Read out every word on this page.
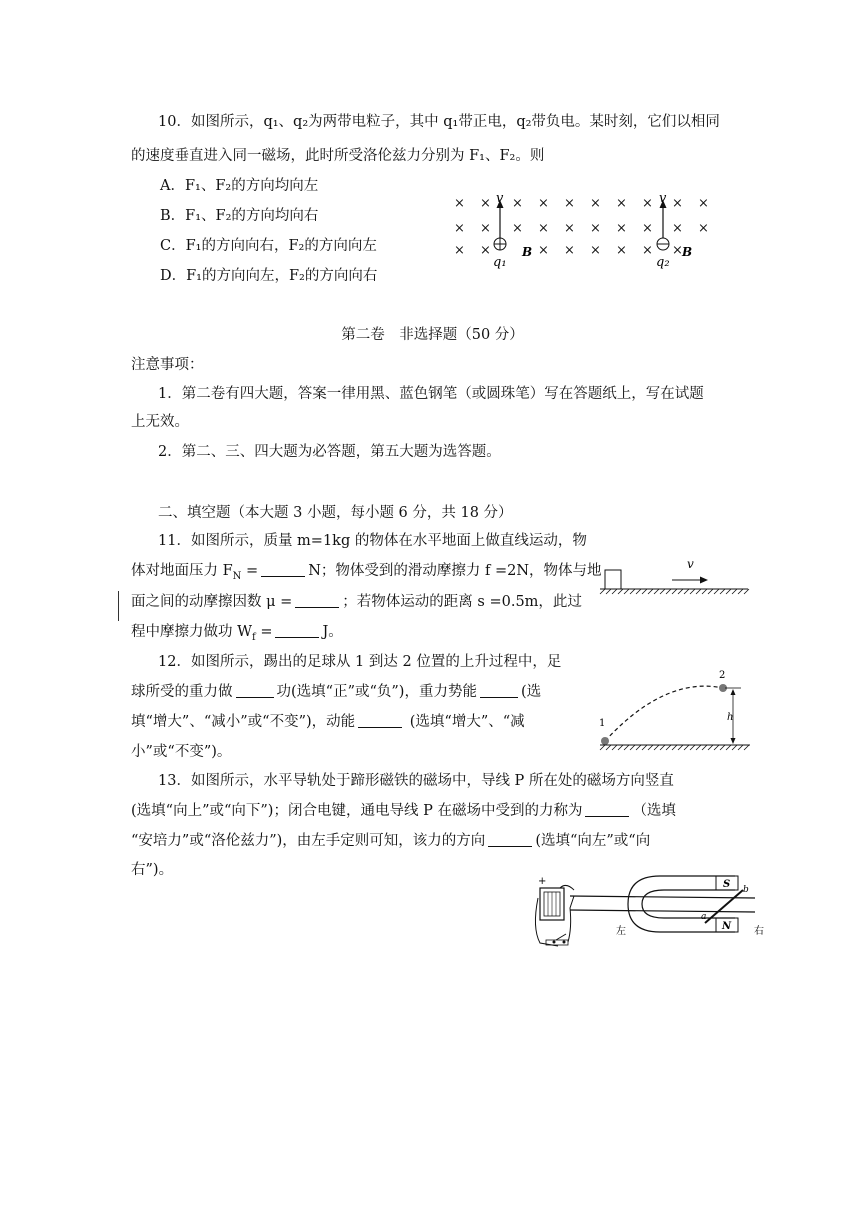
10．如图所示，q₁、q₂为两带电粒子，其中 q₁带正电，q₂带负电。某时刻，它们以相同
的速度垂直进入同一磁场，此时所受洛伦兹力分别为 F₁、F₂。则
A．F₁、F₂的方向均向左
B．F₁、F₂的方向均向右
C．F₁的方向向右，F₂的方向向左
D．F₁的方向向左，F₂的方向向右
× × × × × × × × × ×
× × × × × × × × × ×
× ×	× × × × × ×
v
q₁
B
v
q₂
B
第二卷　非选择题（50 分）
注意事项：
1．第二卷有四大题，答案一律用黑、蓝色钢笔（或圆珠笔）写在答题纸上，写在试题
上无效。
2．第二、三、四大题为必答题，第五大题为选答题。
二、填空题（本大题 3 小题，每小题 6 分，共 18 分）
11．如图所示，质量 m=1kg 的物体在水平地面上做直线运动，物
体对地面压力 $F_N$ =	N；物体受到的滑动摩擦力 f =2N，物体与地
面之间的动摩擦因数 μ =	；若物体运动的距离 s =0.5m，此过
程中摩擦力做功 $W_f$ =	J。
v
12．如图所示，踢出的足球从 1 到达 2 位置的上升过程中，足
球所受的重力做	功(选填“正”或“负”)，重力势能	(选
填“增大”、“减小”或“不变”)，动能	(选填“增大”、“减
小”或“不变”)。
1
2
h
13．如图所示，水平导轨处于蹄形磁铁的磁场中，导线 P 所在处的磁场方向竖直
(选填“向上”或“向下”)；闭合电键，通电导线 P 在磁场中受到的力称为	（选填
“安培力”或“洛伦兹力”)，由左手定则可知，该力的方向	(选填“向左”或“向
右”)。
+	S
N
a
b
左	右
